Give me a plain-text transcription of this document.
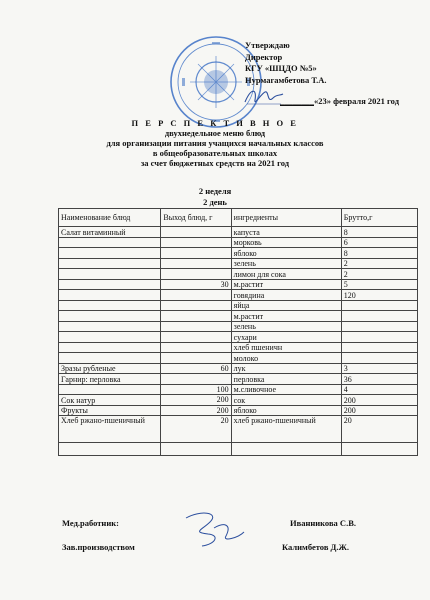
Утверждаю
Директор
КГУ «ШЦДО №5»
Нурмагамбетова Т.А.
________«23» февраля 2021 год
П Е Р С П Е К Т И В Н О Е
двухнедельное меню блюд
для организации питания учащихся начальных классов
в общеобразовательных школах
за счет бюджетных средств на 2021 год
2 неделя
2 день
Наименование блюд	Выход блюд, г	ингредиенты	Брутто,г
Салат витаминный		капуста	8
		морковь	6
		яблоко	8
		зелень	2
		лимон для сока	2
	30	м.растит	5
		говядина	120
		яйца	
		м.растит	
		зелень	
		сухари	
		хлеб пшеничн	
		молоко	
Зразы рубленые	60	лук	3
Гарнир: перловка		перловка	36
	100	м.сливочное	4
Сок натур	200	сок	200
Фрукты	200	яблоко	200
Хлеб ржано-пшеничный	20	хлеб ржано-пшеничный	20

Мед.работник:	Иванникова С.В.
Зав.производством	Калимбетов Д.Ж.
